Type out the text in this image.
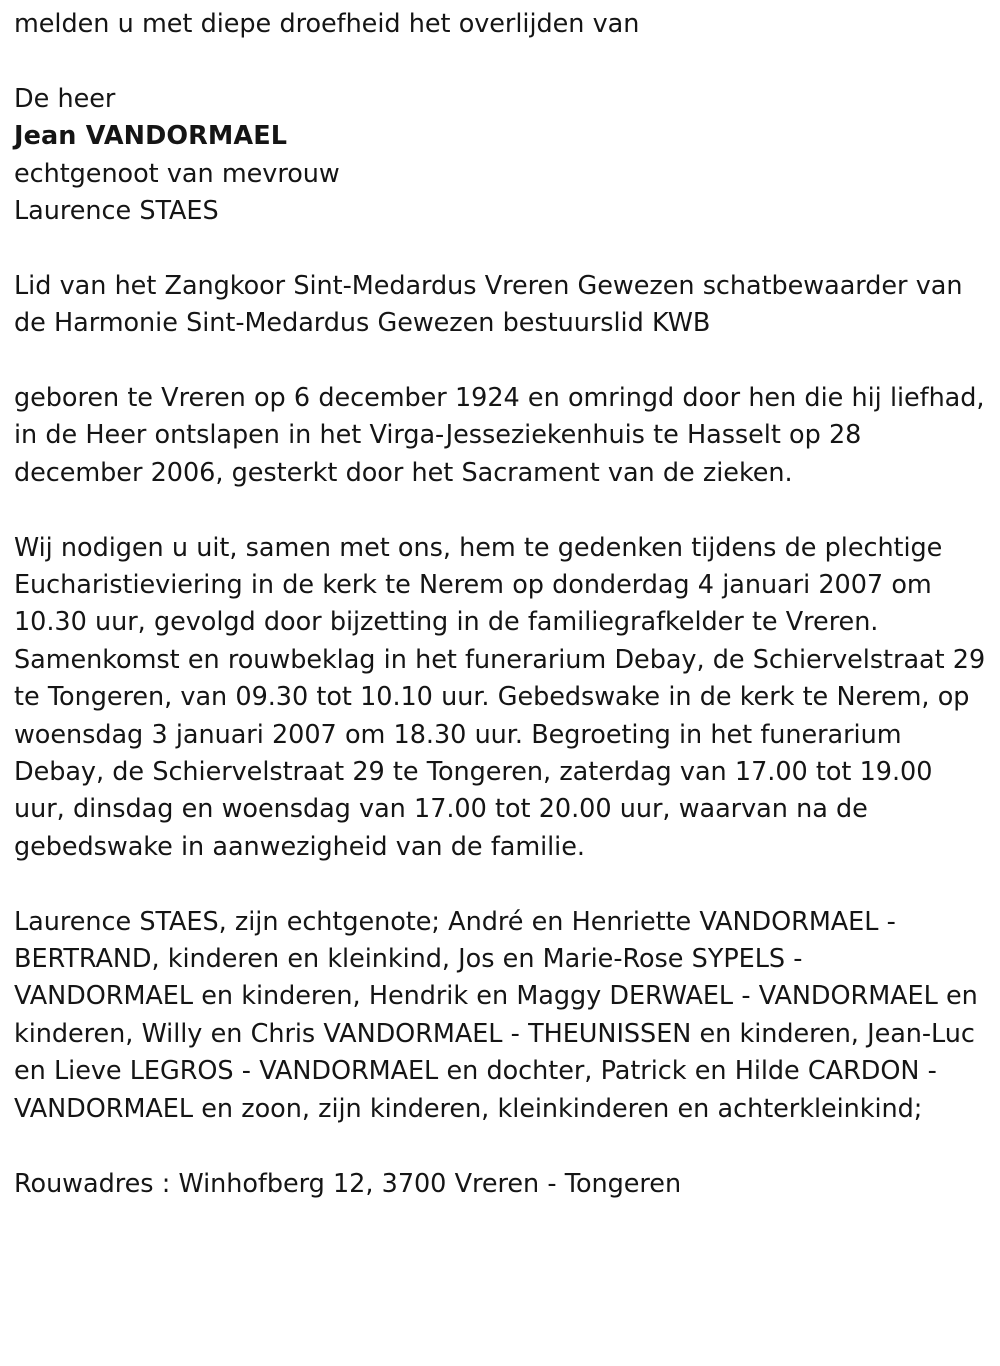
melden u met diepe droefheid het overlijden van

De heer

Jean VANDORMAEL

echtgenoot van mevrouw

Laurence STAES

Lid van het Zangkoor Sint-Medardus Vreren Gewezen schatbewaarder van de Harmonie Sint-Medardus Gewezen bestuurslid KWB

geboren te Vreren op 6 december 1924 en omringd door hen die hij liefhad, in de Heer ontslapen in het Virga-Jesseziekenhuis te Hasselt op 28 december 2006, gesterkt door het Sacrament van de zieken.

Wij nodigen u uit, samen met ons, hem te gedenken tijdens de plechtige Eucharistieviering in de kerk te Nerem op donderdag 4 januari 2007 om 10.30 uur, gevolgd door bijzetting in de familiegrafkelder te Vreren. Samenkomst en rouwbeklag in het funerarium Debay, de Schiervelstraat 29 te Tongeren, van 09.30 tot 10.10 uur. Gebedswake in de kerk te Nerem, op woensdag 3 januari 2007 om 18.30 uur. Begroeting in het funerarium Debay, de Schiervelstraat 29 te Tongeren, zaterdag van 17.00 tot 19.00 uur, dinsdag en woensdag van 17.00 tot 20.00 uur, waarvan na de gebedswake in aanwezigheid van de familie.

Laurence STAES, zijn echtgenote; André en Henriette VANDORMAEL - BERTRAND, kinderen en kleinkind, Jos en Marie-Rose SYPELS - VANDORMAEL en kinderen, Hendrik en Maggy DERWAEL - VANDORMAEL en kinderen, Willy en Chris VANDORMAEL - THEUNISSEN en kinderen, Jean-Luc en Lieve LEGROS - VANDORMAEL en dochter, Patrick en Hilde CARDON - VANDORMAEL en zoon, zijn kinderen, kleinkinderen en achterkleinkind;

Rouwadres : Winhofberg 12, 3700 Vreren - Tongeren
